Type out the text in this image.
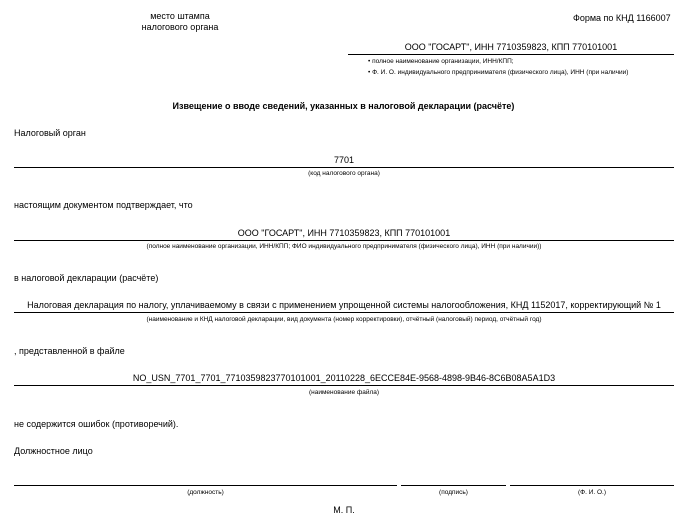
место штампа
налогового органа
Форма по КНД 1166007
ООО "ГОСАРТ", ИНН 7710359823, КПП 770101001
• полное наименование организации, ИНН/КПП;
• Ф. И. О. индивидуального предпринимателя (физического лица), ИНН (при наличии)
Извещение о вводе сведений, указанных в налоговой декларации (расчёте)
Налоговый орган
7701
(код налогового органа)
настоящим документом подтверждает, что
ООО "ГОСАРТ", ИНН 7710359823, КПП 770101001
(полное наименование организации, ИНН/КПП; ФИО индивидуального предпринимателя (физического лица), ИНН (при наличии))
в налоговой декларации (расчёте)
Налоговая декларация по налогу, уплачиваемому в связи с применением упрощенной системы налогообложения, КНД 1152017, корректирующий № 1
(наименование и КНД налоговой декларации, вид документа (номер корректировки), отчётный (налоговый) период, отчётный год)
, представленной в файле
NO_USN_7701_7701_771035982377010100​1_20110228_6ECCE84E-9568-4898-9B46-8C6B08A5A1D3
(наименование файла)
не содержится ошибок (противоречий).
Должностное лицо
(должность)	(подпись)	(Ф. И. О.)
М. П.
